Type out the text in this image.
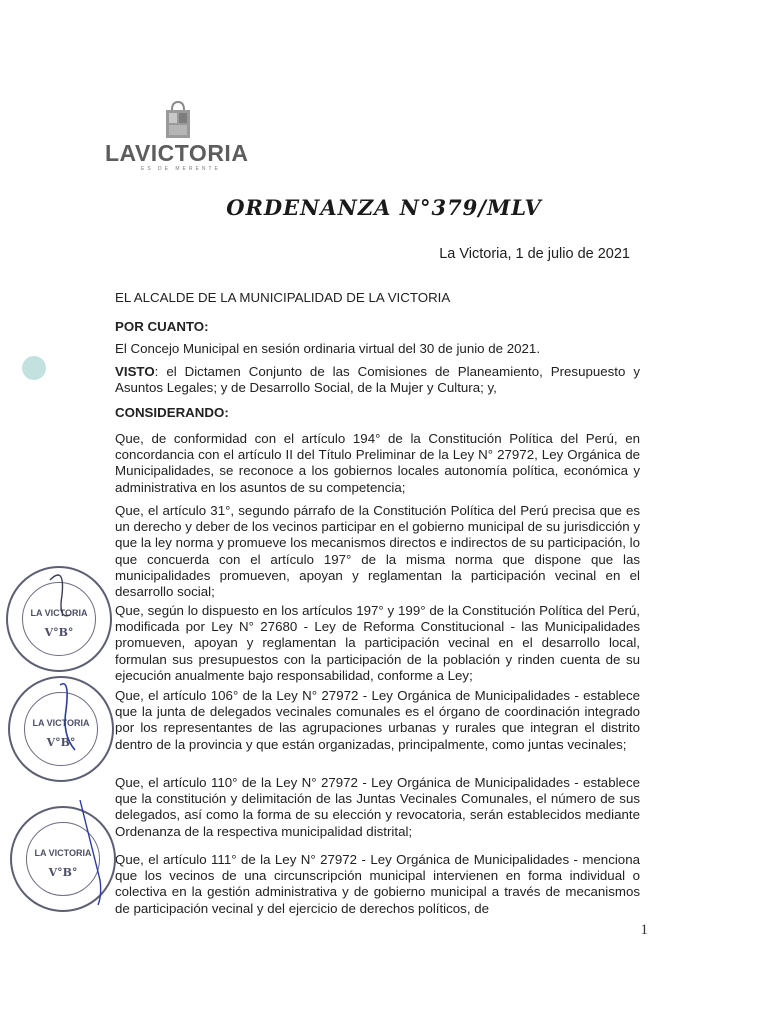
LAVICTORIA
ES DE MERENTE
ORDENANZA N°379/MLV
La Victoria, 1 de julio de 2021
EL ALCALDE DE LA MUNICIPALIDAD DE LA VICTORIA
POR CUANTO:
El Concejo Municipal en sesión ordinaria virtual del 30 de junio de 2021.
VISTO: el Dictamen Conjunto de las Comisiones de Planeamiento, Presupuesto y Asuntos Legales; y de Desarrollo Social, de la Mujer y Cultura; y,
CONSIDERANDO:
Que, de conformidad con el artículo 194° de la Constitución Política del Perú, en concordancia con el artículo II del Título Preliminar de la Ley N° 27972, Ley Orgánica de Municipalidades, se reconoce a los gobiernos locales autonomía política, económica y administrativa en los asuntos de su competencia;
Que, el artículo 31°, segundo párrafo de la Constitución Política del Perú precisa que es un derecho y deber de los vecinos participar en el gobierno municipal de su jurisdicción y que la ley norma y promueve los mecanismos directos e indirectos de su participación, lo que concuerda con el artículo 197° de la misma norma que dispone que las municipalidades promueven, apoyan y reglamentan la participación vecinal en el desarrollo social;
Que, según lo dispuesto en los artículos 197° y 199° de la Constitución Política del Perú, modificada por Ley N° 27680 - Ley de Reforma Constitucional - las Municipalidades promueven, apoyan y reglamentan la participación vecinal en el desarrollo local, formulan sus presupuestos con la participación de la población y rinden cuenta de su ejecución anualmente bajo responsabilidad, conforme a Ley;
Que, el artículo 106° de la Ley N° 27972 - Ley Orgánica de Municipalidades - establece que la junta de delegados vecinales comunales es el órgano de coordinación integrado por los representantes de las agrupaciones urbanas y rurales que integran el distrito dentro de la provincia y que están organizadas, principalmente, como juntas vecinales;
Que, el artículo 110° de la Ley N° 27972 - Ley Orgánica de Municipalidades - establece que la constitución y delimitación de las Juntas Vecinales Comunales, el número de sus delegados, así como la forma de su elección y revocatoria, serán establecidos mediante Ordenanza de la respectiva municipalidad distrital;
Que, el artículo 111° de la Ley N° 27972 - Ley Orgánica de Municipalidades - menciona que los vecinos de una circunscripción municipal intervienen en forma individual o colectiva en la gestión administrativa y de gobierno municipal a través de mecanismos de participación vecinal y del ejercicio de derechos políticos, de
LA VICTORIA
V°B°
LA VICTORIA
V°B°
LA VICTORIA
V°B°
1
